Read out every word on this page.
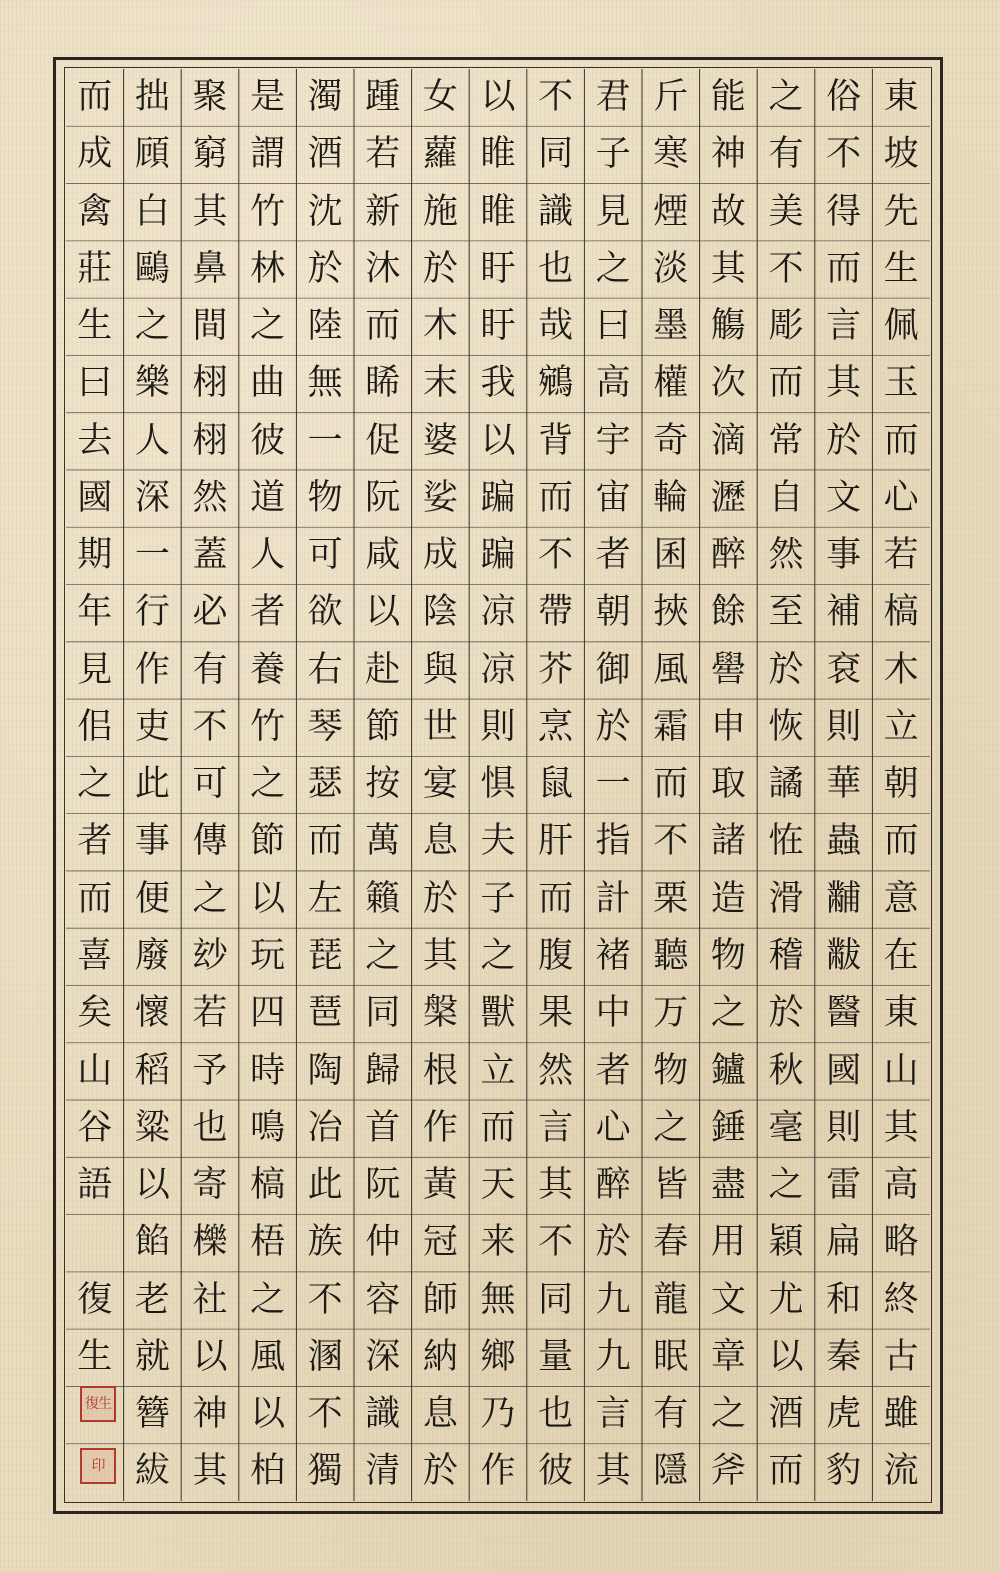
東
坡
先
生
佩
玉
而
心
若
槁
木
立
朝
而
意
在
東
山
其
高
略
終
古
雖
流
俗
不
得
而
言
其
於
文
事
補
袞
則
華
蟲
黼
黻
醫
國
則
雷
扁
和
秦
虎
豹
之
有
美
不
彫
而
常
自
然
至
於
恢
譎
恠
滑
稽
於
秋
毫
之
穎
尤
以
酒
而
能
神
故
其
觴
次
滴
瀝
醉
餘
嚳
申
取
諸
造
物
之
鑪
錘
盡
用
文
章
之
斧
斤
寒
煙
淡
墨
權
奇
輪
囷
挾
風
霜
而
不
栗
聽
万
物
之
皆
春
龍
眠
有
隱
君
子
見
之
曰
高
宇
宙
者
朝
御
於
一
指
計
褚
中
者
心
醉
於
九
九
言
其
不
同
識
也
哉
鵷
背
而
不
帶
芥
烹
鼠
肝
而
腹
果
然
言
其
不
同
量
也
彼
以
睢
睢
盱
盱
我
以
蹁
蹁
凉
凉
則
惧
夫
子
之
獸
立
而
天
来
無
鄉
乃
作
女
蘿
施
於
木
末
婆
娑
成
陰
與
世
宴
息
於
其
槃
根
作
黃
冠
師
納
息
於
踵
若
新
沐
而
睎
促
阮
咸
以
赴
節
按
萬
籟
之
同
歸
首
阮
仲
容
深
識
清
濁
酒
沈
於
陸
無
一
物
可
欲
右
琴
瑟
而
左
琵
琶
陶
冶
此
族
不
溷
不
獨
是
謂
竹
林
之
曲
彼
道
人
者
養
竹
之
節
以
玩
四
時
鳴
槁
梧
之
風
以
柏
聚
窮
其
鼻
間
栩
栩
然
蓋
必
有
不
可
傳
之
玅
若
予
也
寄
櫟
社
以
神
其
拙
頋
白
鷗
之
樂
人
深
一
行
作
吏
此
事
便
廢
懷
稻
粱
以
餡
老
就
簪
紱
而
成
禽
莊
生
曰
去
國
期
年
見
佀
之
者
而
喜
矣
山
谷
語

復
生
復生
印
